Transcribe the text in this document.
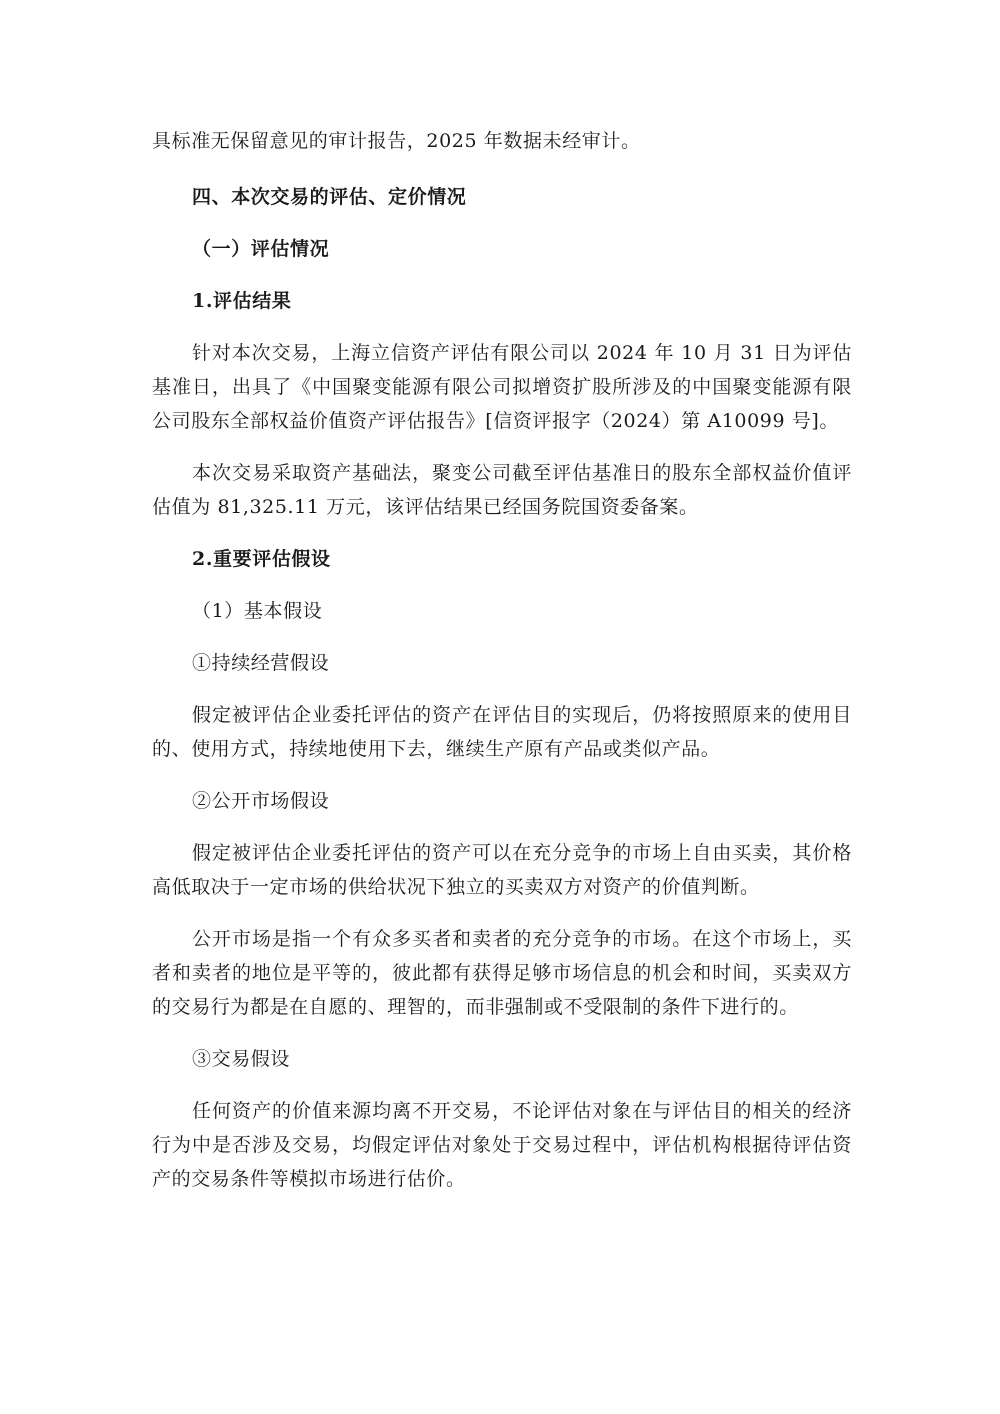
具标准无保留意见的审计报告，2025 年数据未经审计。

四、本次交易的评估、定价情况

（一）评估情况

1.评估结果

针对本次交易，上海立信资产评估有限公司以 2024 年 10 月 31 日为评估基准日，出具了《中国聚变能源有限公司拟增资扩股所涉及的中国聚变能源有限公司股东全部权益价值资产评估报告》[信资评报字（2024）第 A10099 号]。

本次交易采取资产基础法，聚变公司截至评估基准日的股东全部权益价值评估值为 81,325.11 万元，该评估结果已经国务院国资委备案。

2.重要评估假设

（1）基本假设

①持续经营假设

假定被评估企业委托评估的资产在评估目的实现后，仍将按照原来的使用目的、使用方式，持续地使用下去，继续生产原有产品或类似产品。

②公开市场假设

假定被评估企业委托评估的资产可以在充分竞争的市场上自由买卖，其价格高低取决于一定市场的供给状况下独立的买卖双方对资产的价值判断。

公开市场是指一个有众多买者和卖者的充分竞争的市场。在这个市场上，买者和卖者的地位是平等的，彼此都有获得足够市场信息的机会和时间，买卖双方的交易行为都是在自愿的、理智的，而非强制或不受限制的条件下进行的。

③交易假设

任何资产的价值来源均离不开交易，不论评估对象在与评估目的相关的经济行为中是否涉及交易，均假定评估对象处于交易过程中，评估机构根据待评估资产的交易条件等模拟市场进行估价。
